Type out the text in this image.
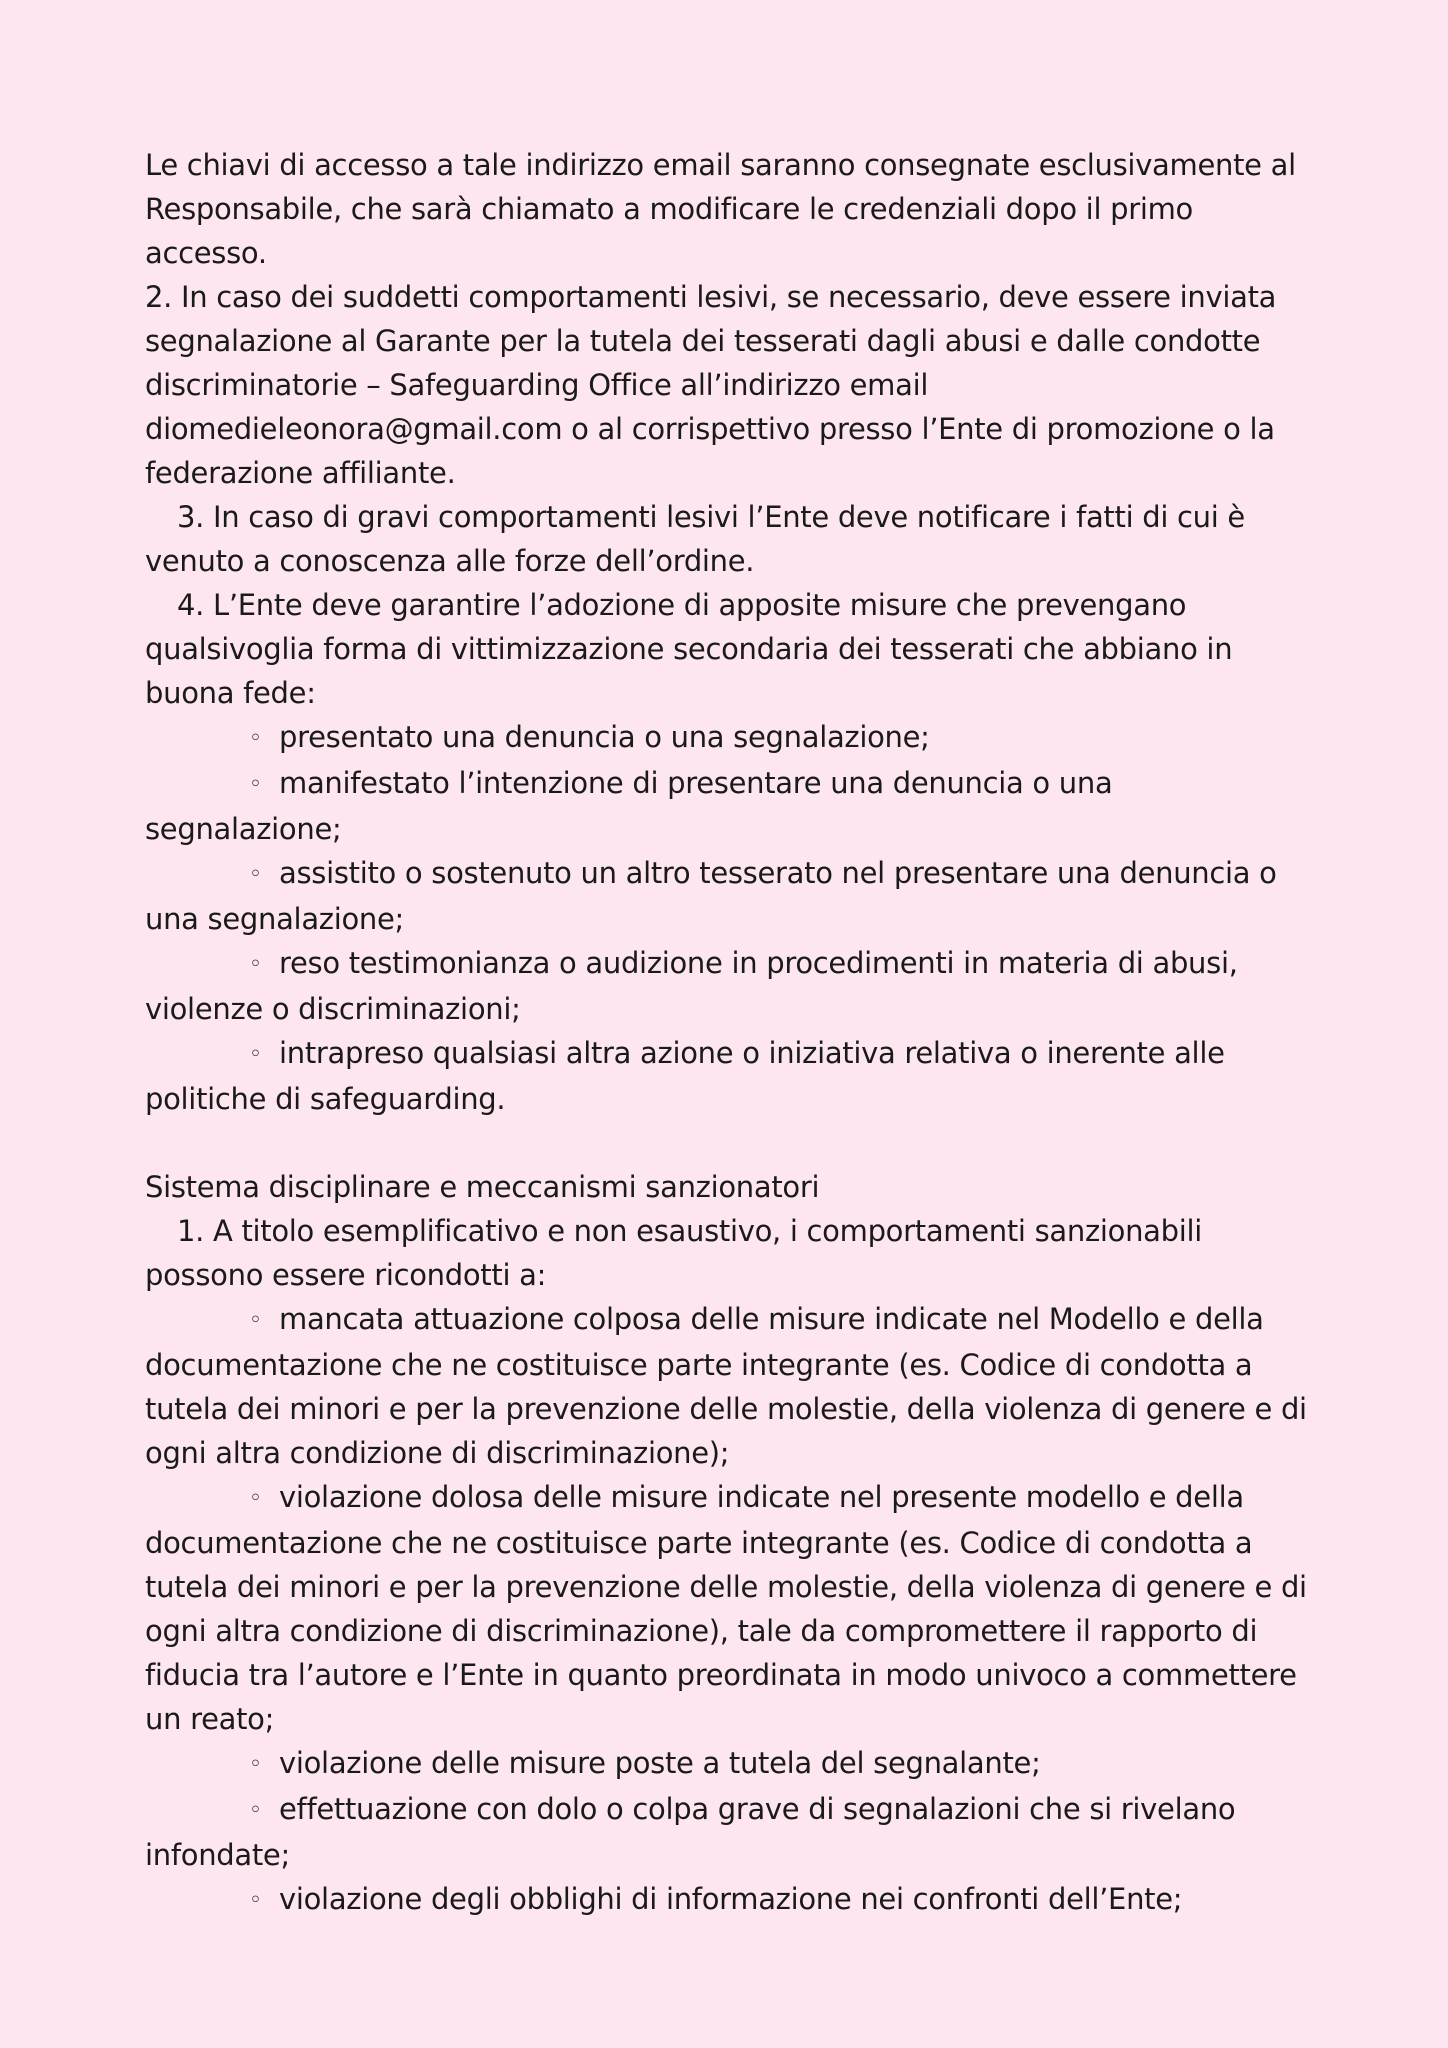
Le chiavi di accesso a tale indirizzo email saranno consegnate esclusivamente al Responsabile, che sarà chiamato a modificare le credenziali dopo il primo accesso.

2. In caso dei suddetti comportamenti lesivi, se necessario, deve essere inviata segnalazione al Garante per la tutela dei tesserati dagli abusi e dalle condotte discriminatorie – Safeguarding Office all’indirizzo email diomedieleonora@gmail.com o al corrispettivo presso l’Ente di promozione o la federazione affiliante.

3. In caso di gravi comportamenti lesivi l’Ente deve notificare i fatti di cui è venuto a conoscenza alle forze dell’ordine.

4. L’Ente deve garantire l’adozione di apposite misure che prevengano qualsivoglia forma di vittimizzazione secondaria dei tesserati che abbiano in buona fede:

◦ presentato una denuncia o una segnalazione;

◦ manifestato l’intenzione di presentare una denuncia o una segnalazione;

◦ assistito o sostenuto un altro tesserato nel presentare una denuncia o una segnalazione;

◦ reso testimonianza o audizione in procedimenti in materia di abusi, violenze o discriminazioni;

◦ intrapreso qualsiasi altra azione o iniziativa relativa o inerente alle politiche di safeguarding.

Sistema disciplinare e meccanismi sanzionatori

1. A titolo esemplificativo e non esaustivo, i comportamenti sanzionabili possono essere ricondotti a:

◦ mancata attuazione colposa delle misure indicate nel Modello e della documentazione che ne costituisce parte integrante (es. Codice di condotta a tutela dei minori e per la prevenzione delle molestie, della violenza di genere e di ogni altra condizione di discriminazione);

◦ violazione dolosa delle misure indicate nel presente modello e della documentazione che ne costituisce parte integrante (es. Codice di condotta a tutela dei minori e per la prevenzione delle molestie, della violenza di genere e di ogni altra condizione di discriminazione), tale da compromettere il rapporto di fiducia tra l’autore e l’Ente in quanto preordinata in modo univoco a commettere un reato;

◦ violazione delle misure poste a tutela del segnalante;

◦ effettuazione con dolo o colpa grave di segnalazioni che si rivelano infondate;

◦ violazione degli obblighi di informazione nei confronti dell’Ente;
